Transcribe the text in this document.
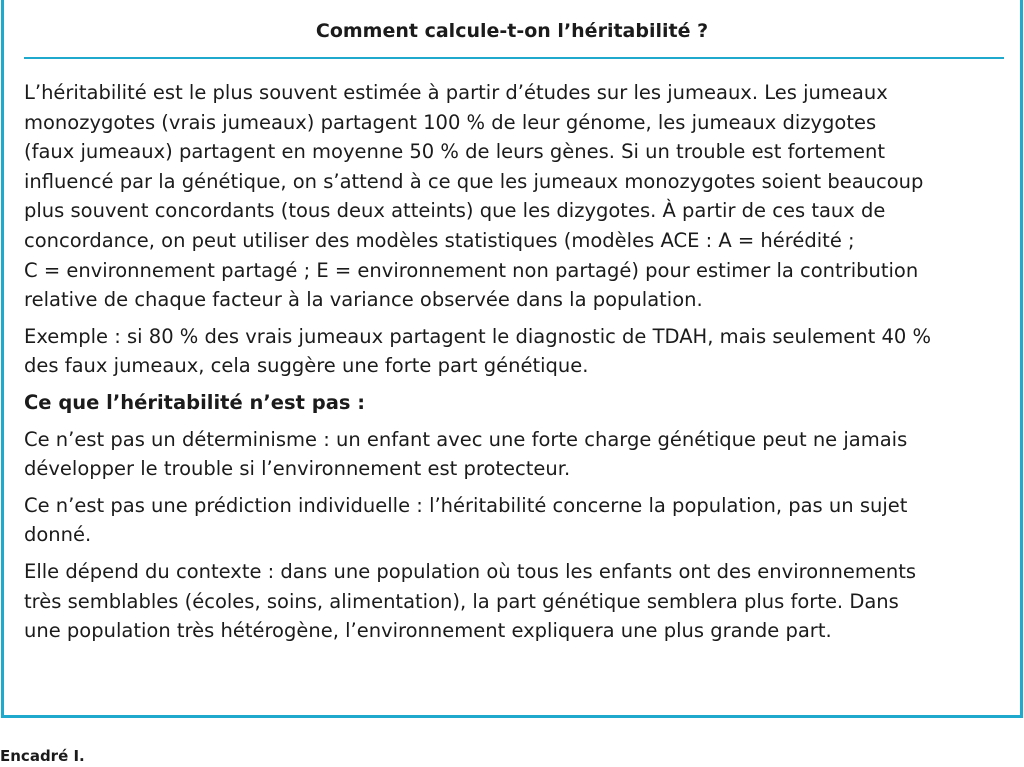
Comment calcule-t-on l’héritabilité ?

L’héritabilité est le plus souvent estimée à partir d’études sur les jumeaux. Les jumeaux
monozygotes (vrais jumeaux) partagent 100 % de leur génome, les jumeaux dizygotes
(faux jumeaux) partagent en moyenne 50 % de leurs gènes. Si un trouble est fortement
influencé par la génétique, on s’attend à ce que les jumeaux monozygotes soient beaucoup
plus souvent concordants (tous deux atteints) que les dizygotes. À partir de ces taux de
concordance, on peut utiliser des modèles statistiques (modèles ACE : A = hérédité ;
C = environnement partagé ; E = environnement non partagé) pour estimer la contribution
relative de chaque facteur à la variance observée dans la population.

Exemple : si 80 % des vrais jumeaux partagent le diagnostic de TDAH, mais seulement 40 %
des faux jumeaux, cela suggère une forte part génétique.

Ce que l’héritabilité n’est pas :

Ce n’est pas un déterminisme : un enfant avec une forte charge génétique peut ne jamais
développer le trouble si l’environnement est protecteur.

Ce n’est pas une prédiction individuelle : l’héritabilité concerne la population, pas un sujet
donné.

Elle dépend du contexte : dans une population où tous les enfants ont des environnements
très semblables (écoles, soins, alimentation), la part génétique semblera plus forte. Dans
une population très hétérogène, l’environnement expliquera une plus grande part.

Encadré I.
